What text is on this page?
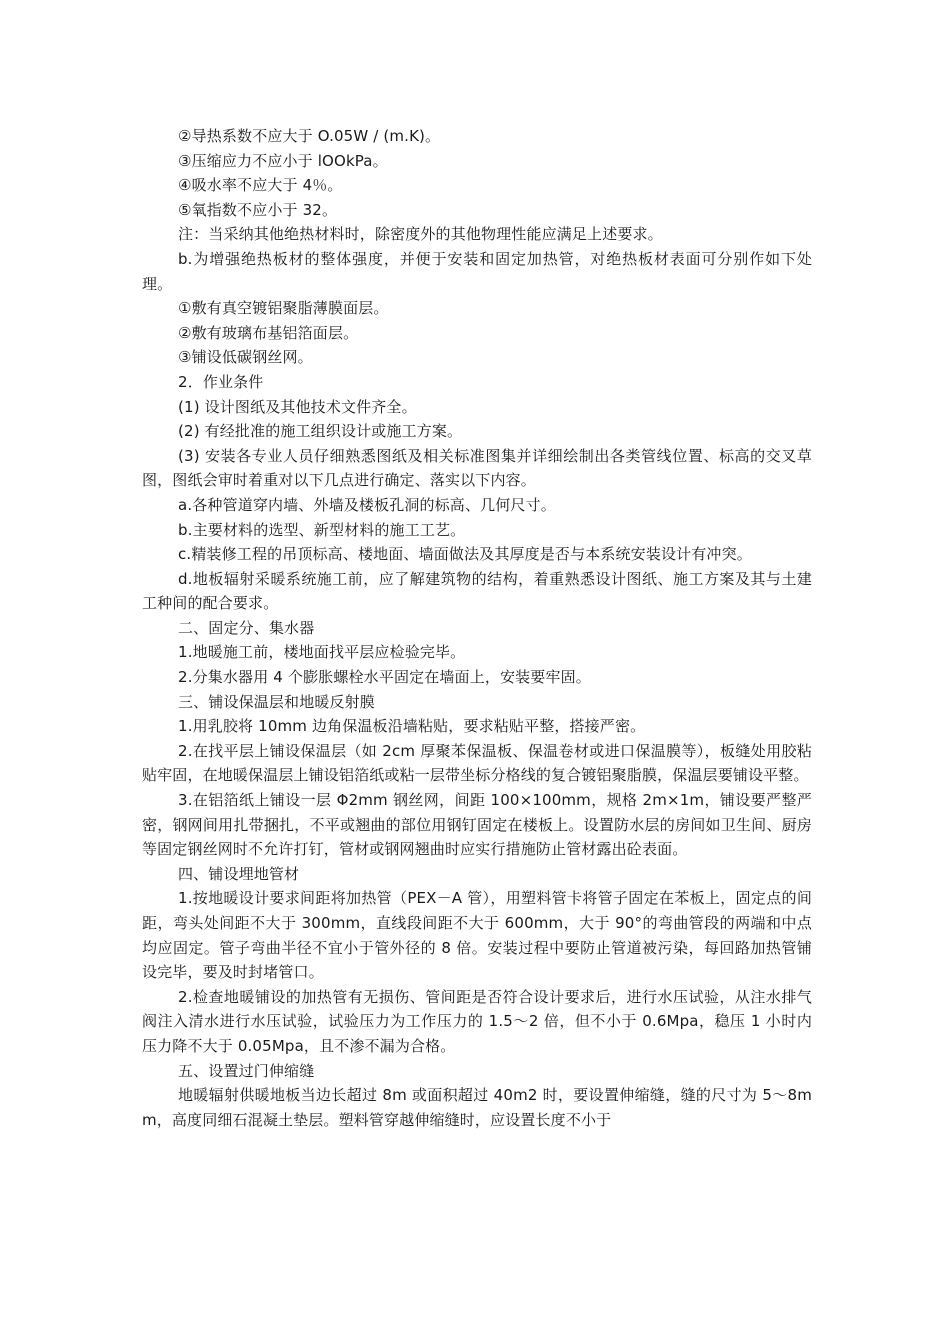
②导热系数不应大于 O.05W / (m.K)。

③压缩应力不应小于 lOOkPa。

④吸水率不应大于 4％。

⑤氧指数不应小于 32。

注：当采纳其他绝热材料时，除密度外的其他物理性能应满足上述要求。

b.为增强绝热板材的整体强度，并便于安装和固定加热管，对绝热板材表面可分别作如下处理。

①敷有真空镀铝聚脂薄膜面层。

②敷有玻璃布基铝箔面层。

③铺设低碳钢丝网。

2．作业条件

(1) 设计图纸及其他技术文件齐全。

(2) 有经批准的施工组织设计或施工方案。

(3) 安装各专业人员仔细熟悉图纸及相关标准图集并详细绘制出各类管线位置、标高的交叉草图，图纸会审时着重对以下几点进行确定、落实以下内容。

a.各种管道穿内墙、外墙及楼板孔洞的标高、几何尺寸。

b.主要材料的选型、新型材料的施工工艺。

c.精装修工程的吊顶标高、楼地面、墙面做法及其厚度是否与本系统安装设计有冲突。

d.地板辐射采暖系统施工前，应了解建筑物的结构，着重熟悉设计图纸、施工方案及其与土建工种间的配合要求。

二、固定分、集水器

1.地暖施工前，楼地面找平层应检验完毕。

2.分集水器用 4 个膨胀螺栓水平固定在墙面上，安装要牢固。

三、铺设保温层和地暖反射膜

1.用乳胶将 10mm 边角保温板沿墙粘贴，要求粘贴平整，搭接严密。

2.在找平层上铺设保温层（如 2cm 厚聚苯保温板、保温卷材或进口保温膜等），板缝处用胶粘贴牢固，在地暖保温层上铺设铝箔纸或粘一层带坐标分格线的复合镀铝聚脂膜，保温层要铺设平整。

3.在铝箔纸上铺设一层 Φ2mm 钢丝网，间距 100×100mm，规格 2m×1m，铺设要严整严密，钢网间用扎带捆扎，不平或翘曲的部位用钢钉固定在楼板上。设置防水层的房间如卫生间、厨房等固定钢丝网时不允许打钉，管材或钢网翘曲时应实行措施防止管材露出砼表面。

四、铺设埋地管材

1.按地暖设计要求间距将加热管（PEX－A 管），用塑料管卡将管子固定在苯板上，固定点的间距，弯头处间距不大于 300mm，直线段间距不大于 600mm，大于 90°的弯曲管段的两端和中点均应固定。管子弯曲半径不宜小于管外径的 8 倍。安装过程中要防止管道被污染，每回路加热管铺设完毕，要及时封堵管口。

2.检查地暖铺设的加热管有无损伤、管间距是否符合设计要求后，进行水压试验，从注水排气阀注入清水进行水压试验，试验压力为工作压力的 1.5～2 倍，但不小于 0.6Mpa，稳压 1 小时内压力降不大于 0.05Mpa，且不渗不漏为合格。

五、设置过门伸缩缝

地暖辐射供暖地板当边长超过 8m 或面积超过 40m2 时，要设置伸缩缝，缝的尺寸为 5～8mm，高度同细石混凝土垫层。塑料管穿越伸缩缝时，应设置长度不小于
